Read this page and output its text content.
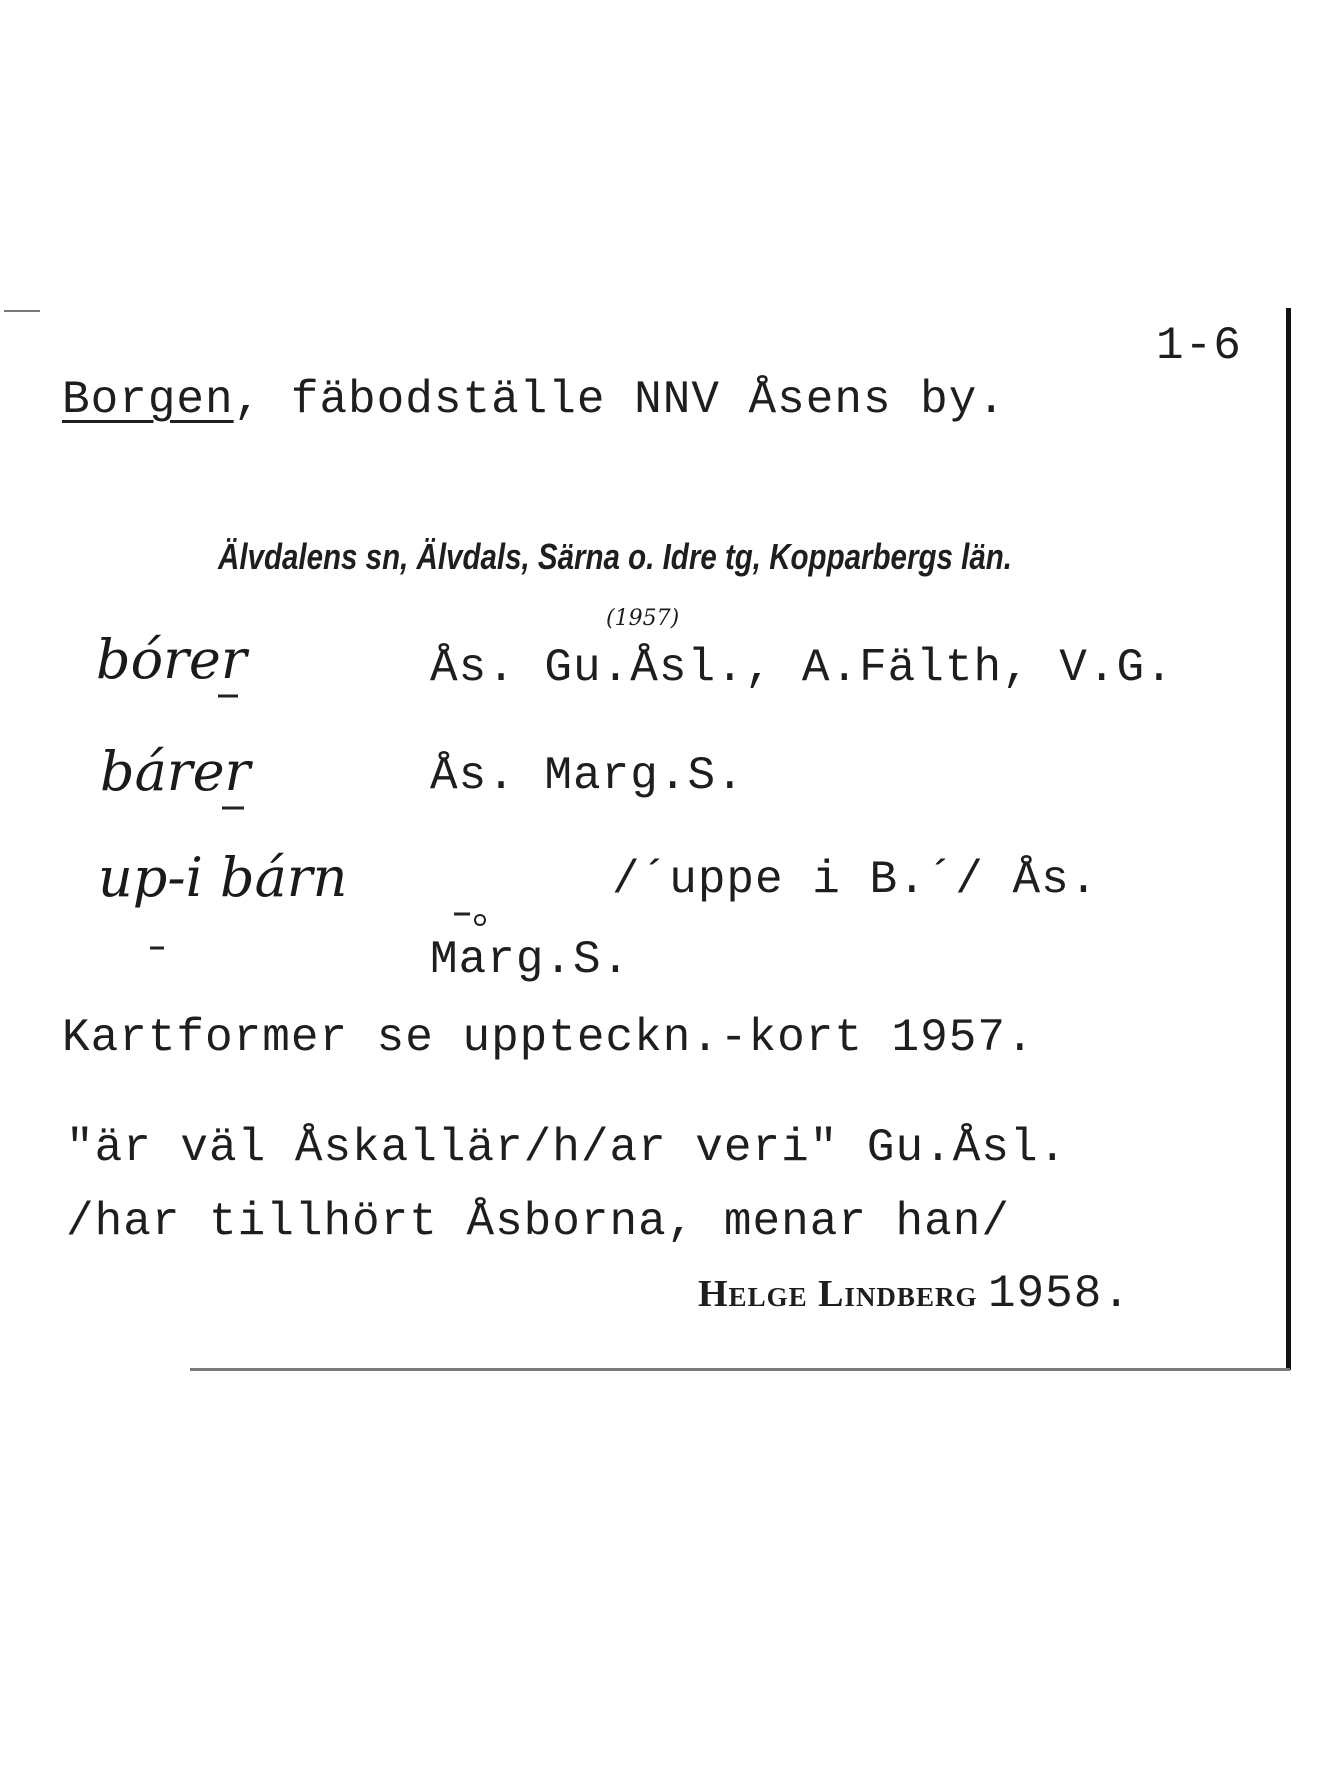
1-6
Borgen, fäbodställe NNV Åsens by.
Älvdalens sn, Älvdals, Särna o. Idre tg, Kopparbergs län.
bórer
(1957)
Ås. Gu.Åsl., A.Fälth, V.G.
bárer	Ås. Marg.S.
up-i bárn	/´uppe i B.´/ Ås.
Marg.S.
Kartformer se uppteckn.-kort 1957.
"är väl Åskallär/h/ar veri" Gu.Åsl.
/har tillhört Åsborna, menar han/
Helge Lindberg 1958.
